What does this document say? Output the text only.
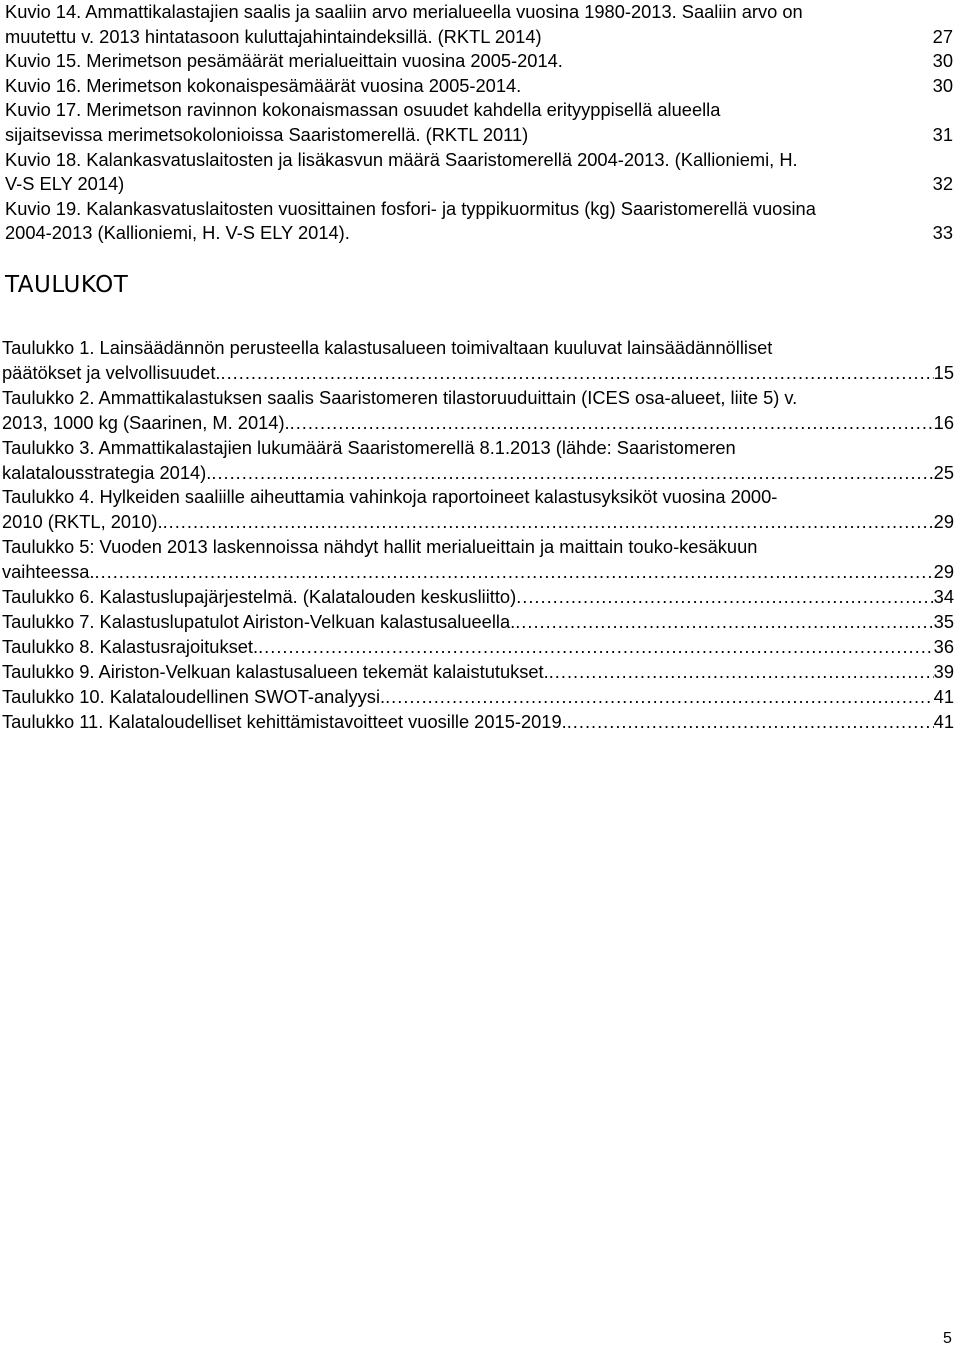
Kuvio 14. Ammattikalastajien saalis ja saaliin arvo merialueella vuosina 1980-2013. Saaliin arvo on
muutettu v. 2013 hintatasoon kuluttajahintaindeksillä. (RKTL 2014)	27
Kuvio 15. Merimetson pesämäärät merialueittain vuosina 2005-2014.	30
Kuvio 16. Merimetson kokonaispesämäärät vuosina 2005-2014.	30
Kuvio 17. Merimetson ravinnon kokonaismassan osuudet kahdella erityyppisellä alueella
sijaitsevissa merimetsokolonioissa Saaristomerellä. (RKTL 2011)	31
Kuvio 18. Kalankasvatuslaitosten ja lisäkasvun määrä Saaristomerellä 2004-2013. (Kallioniemi, H.
V-S ELY 2014)	32
Kuvio 19. Kalankasvatuslaitosten vuosittainen fosfori- ja typpikuormitus (kg) Saaristomerellä vuosina
2004-2013 (Kallioniemi, H. V-S ELY 2014).	33
TAULUKOT
Taulukko 1. Lainsäädännön perusteella kalastusalueen toimivaltaan kuuluvat lainsäädännölliset
päätökset ja velvollisuudet. .....	15
Taulukko 2. Ammattikalastuksen saalis Saaristomeren tilastoruuduittain (ICES osa-alueet, liite 5) v.
2013, 1000 kg (Saarinen, M. 2014). .....	16
Taulukko 3. Ammattikalastajien lukumäärä Saaristomerellä 8.1.2013 (lähde: Saaristomeren
kalatalousstrategia 2014). .....	25
Taulukko 4. Hylkeiden saaliille aiheuttamia vahinkoja raportoineet kalastusyksiköt vuosina 2000-
2010 (RKTL, 2010). .....	29
Taulukko 5: Vuoden 2013 laskennoissa nähdyt hallit merialueittain ja maittain touko-kesäkuun
vaihteessa. .....	29
Taulukko 6. Kalastuslupajärjestelmä. (Kalatalouden keskusliitto) .....	34
Taulukko 7. Kalastuslupatulot Airiston-Velkuan kalastusalueella. .....	35
Taulukko 8. Kalastusrajoitukset. .....	36
Taulukko 9. Airiston-Velkuan kalastusalueen tekemät kalaistutukset. .....	39
Taulukko 10. Kalataloudellinen SWOT-analyysi. .....	41
Taulukko 11. Kalataloudelliset kehittämistavoitteet vuosille 2015-2019. .....	41
5
